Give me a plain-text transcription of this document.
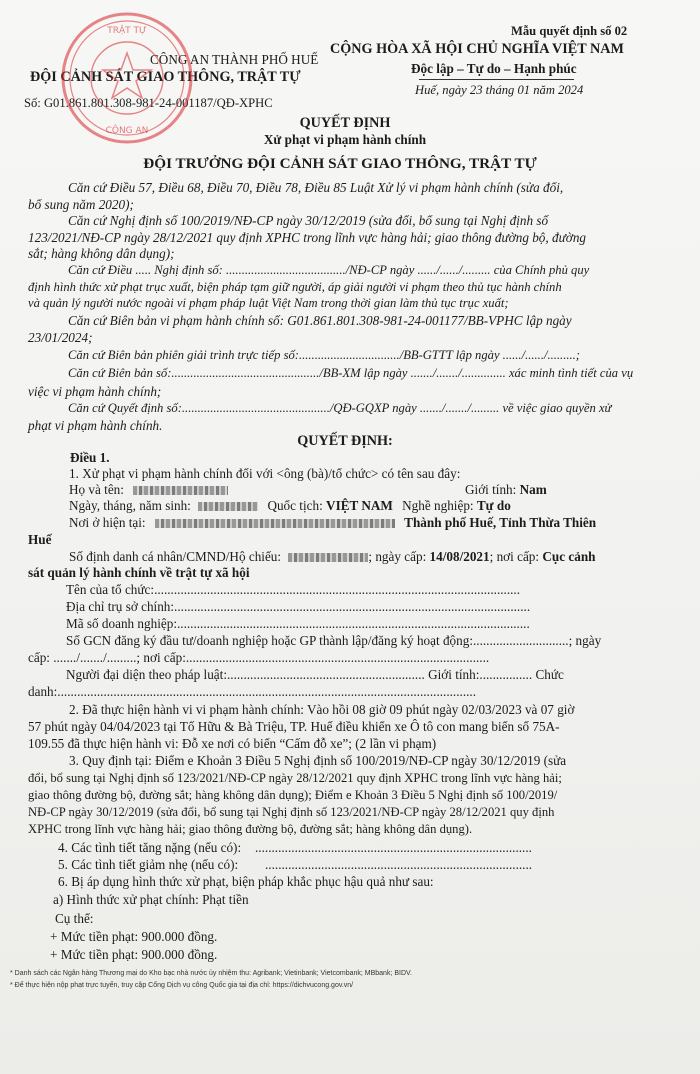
Mẫu quyết định số 02
CÔNG AN THÀNH PHỐ HUẾ
ĐỘI CẢNH SÁT GIAO THÔNG, TRẬT TỰ
Số: G01.861.801.308-981-24-001187/QĐ-XPHC
CỘNG HÒA XÃ HỘI CHỦ NGHĨA VIỆT NAM
Độc lập – Tự do – Hạnh phúc
Huế, ngày 23 tháng 01 năm 2024
TRẬT TỰ
CÔNG AN	QUYẾT ĐỊNH
Xử phạt vi phạm hành chính
ĐỘI TRƯỞNG ĐỘI CẢNH SÁT GIAO THÔNG, TRẬT TỰ
Căn cứ Điều 57, Điều 68, Điều 70, Điều 78, Điều 85 Luật Xử lý vi phạm hành chính (sửa đổi,
bổ sung năm 2020);
Căn cứ Nghị định số 100/2019/NĐ-CP ngày 30/12/2019 (sửa đổi, bổ sung tại Nghị định số
123/2021/NĐ-CP ngày 28/12/2021 quy định XPHC trong lĩnh vực hàng hải; giao thông đường bộ, đường
sắt; hàng không dân dụng);
Căn cứ Điều ..... Nghị định số: ....................................../NĐ-CP ngày ....../....../......... của Chính phủ quy
định hình thức xử phạt trục xuất, biện pháp tạm giữ người, áp giải người vi phạm theo thủ tục hành chính
và quản lý người nước ngoài vi phạm pháp luật Việt Nam trong thời gian làm thủ tục trục xuất;
Căn cứ Biên bản vi phạm hành chính số: G01.861.801.308-981-24-001177/BB-VPHC lập ngày
23/01/2024;
Căn cứ Biên bản phiên giải trình trực tiếp số:................................/BB-GTTT lập ngày ....../....../.........;
Căn cứ Biên bản số:.............................................../BB-XM lập ngày ......./......./.............. xác minh tình tiết của vụ
việc vi phạm hành chính;
Căn cứ Quyết định số:.............................................../QĐ-GQXP ngày ......./......./......... về việc giao quyền xử
phạt vi phạm hành chính.
QUYẾT ĐỊNH:
Điều 1.
1. Xử phạt vi phạm hành chính đối với <ông (bà)/tổ chức> có tên sau đây:
Họ và tên:	Giới tính: Nam
Ngày, tháng, năm sinh:	Quốc tịch: VIỆT NAM Nghề nghiệp: Tự do
Nơi ở hiện tại:	Thành phố Huế, Tỉnh Thừa Thiên
Huế
Số định danh cá nhân/CMND/Hộ chiếu:	; ngày cấp: 14/08/2021; nơi cấp: Cục cảnh
sát quản lý hành chính về trật tự xã hội
Tên của tổ chức:...............................................................................................................
Địa chỉ trụ sở chính:............................................................................................................
Mã số doanh nghiệp:...........................................................................................................
Số GCN đăng ký đầu tư/doanh nghiệp hoặc GP thành lập/đăng ký hoạt động:.............................; ngày
cấp: ......./......./.........; nơi cấp:............................................................................................
Người đại diện theo pháp luật:............................................................ Giới tính:................ Chức
danh:...............................................................................................................................
2. Đã thực hiện hành vi vi phạm hành chính: Vào hồi 08 giờ 09 phút ngày 02/03/2023 và 07 giờ
57 phút ngày 04/04/2023 tại Tố Hữu & Bà Triệu, TP. Huế điều khiển xe Ô tô con mang biển số 75A-
109.55 đã thực hiện hành vi: Đỗ xe nơi có biển “Cấm đỗ xe”; (2 lần vi phạm)
3. Quy định tại: Điểm e Khoản 3 Điều 5 Nghị định số 100/2019/NĐ-CP ngày 30/12/2019 (sửa
đổi, bổ sung tại Nghị định số 123/2021/NĐ-CP ngày 28/12/2021 quy định XPHC trong lĩnh vực hàng hải;
giao thông đường bộ, đường sắt; hàng không dân dụng); Điểm e Khoản 3 Điều 5 Nghị định số 100/2019/
NĐ-CP ngày 30/12/2019 (sửa đổi, bổ sung tại Nghị định số 123/2021/NĐ-CP ngày 28/12/2021 quy định
XPHC trong lĩnh vực hàng hải; giao thông đường bộ, đường sắt; hàng không dân dụng).
4. Các tình tiết tăng nặng (nếu có): ....................................................................................
5. Các tình tiết giảm nhẹ (nếu có): .................................................................................
6. Bị áp dụng hình thức xử phạt, biện pháp khắc phục hậu quả như sau:
a) Hình thức xử phạt chính: Phạt tiền
Cụ thể:
+ Mức tiền phạt: 900.000 đồng.
+ Mức tiền phạt: 900.000 đồng.
* Danh sách các Ngân hàng Thương mại do Kho bạc nhà nước ủy nhiệm thu: Agribank; Vietinbank; Vietcombank; MBbank; BIDV.
* Để thực hiện nộp phạt trực tuyến, truy cập Cổng Dịch vụ công Quốc gia tại địa chỉ: https://dichvucong.gov.vn/
